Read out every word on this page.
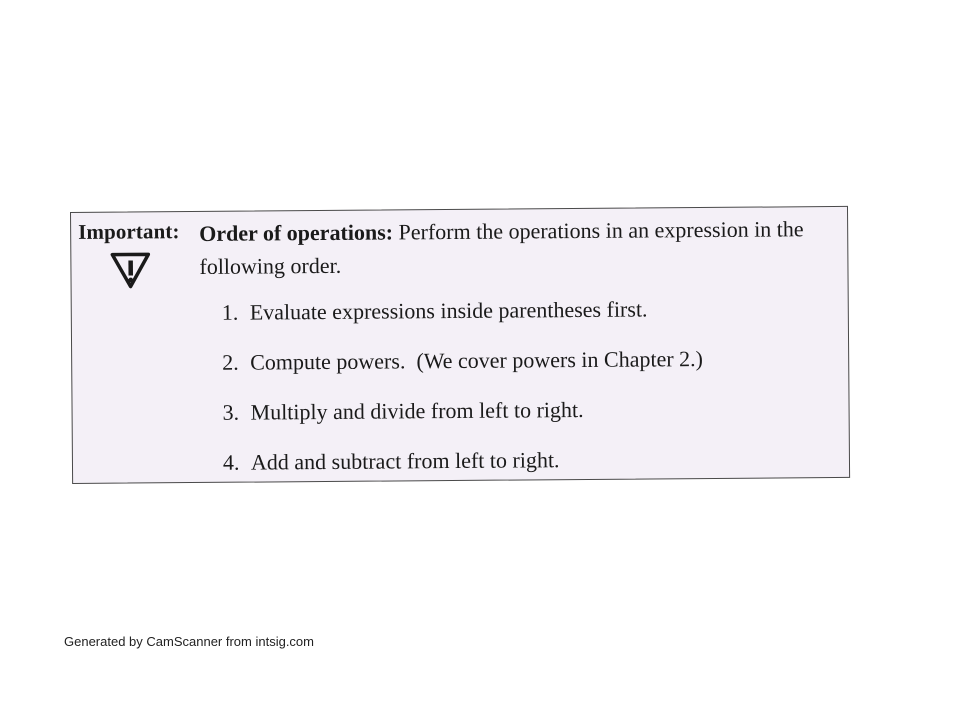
Important: Order of operations: Perform the operations in an expression in the following order.
1. Evaluate expressions inside parentheses first.
2. Compute powers.  (We cover powers in Chapter 2.)
3. Multiply and divide from left to right.
4. Add and subtract from left to right.
Generated by CamScanner from intsig.com
